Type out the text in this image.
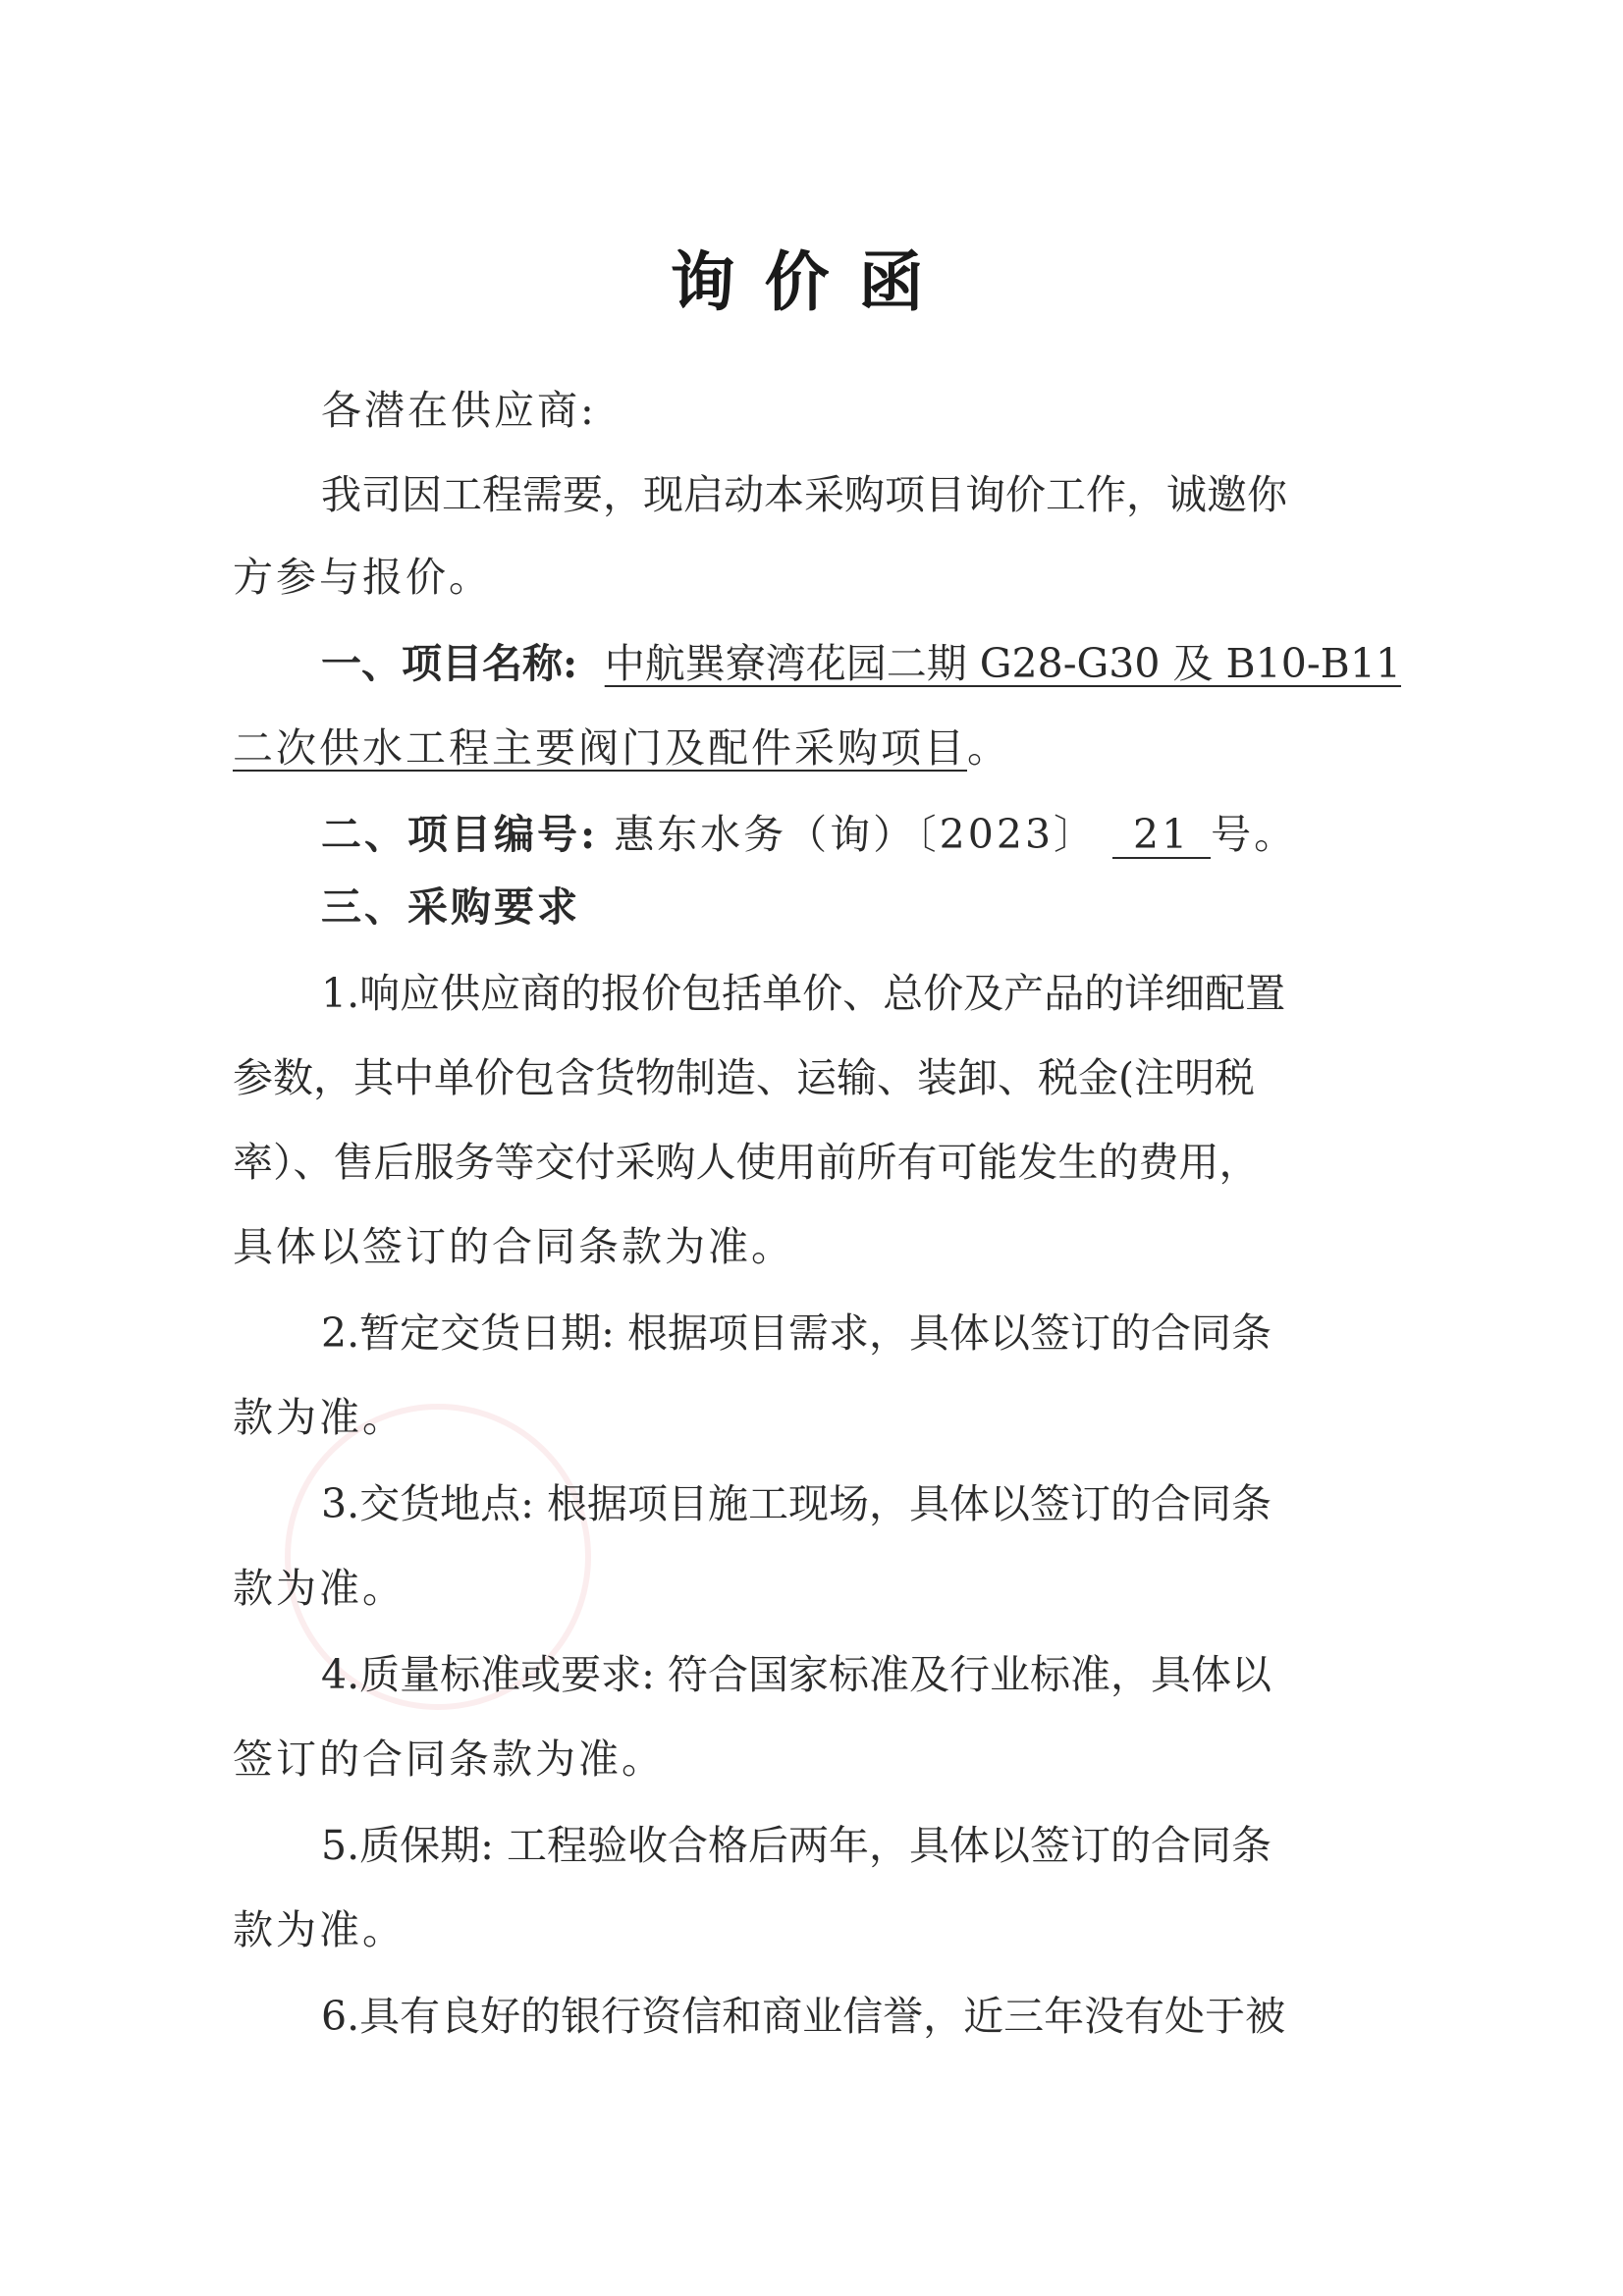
询价函
各潜在供应商:
我司因工程需要，现启动本采购项目询价工作，诚邀你
方参与报价。
一、项目名称: 中航巽寮湾花园二期 G28-G30 及 B10-B11
二次供水工程主要阀门及配件采购项目。
二、项目编号: 惠东水务（询）〔2023〕 21 号。
三、采购要求
1.响应供应商的报价包括单价、总价及产品的详细配置
参数，其中单价包含货物制造、运输、装卸、税金(注明税
率）、售后服务等交付采购人使用前所有可能发生的费用，
具体以签订的合同条款为准。
2.暂定交货日期: 根据项目需求，具体以签订的合同条
款为准。
3.交货地点: 根据项目施工现场，具体以签订的合同条
款为准。
4.质量标准或要求: 符合国家标准及行业标准，具体以
签订的合同条款为准。
5.质保期: 工程验收合格后两年，具体以签订的合同条
款为准。
6.具有良好的银行资信和商业信誉，近三年没有处于被
